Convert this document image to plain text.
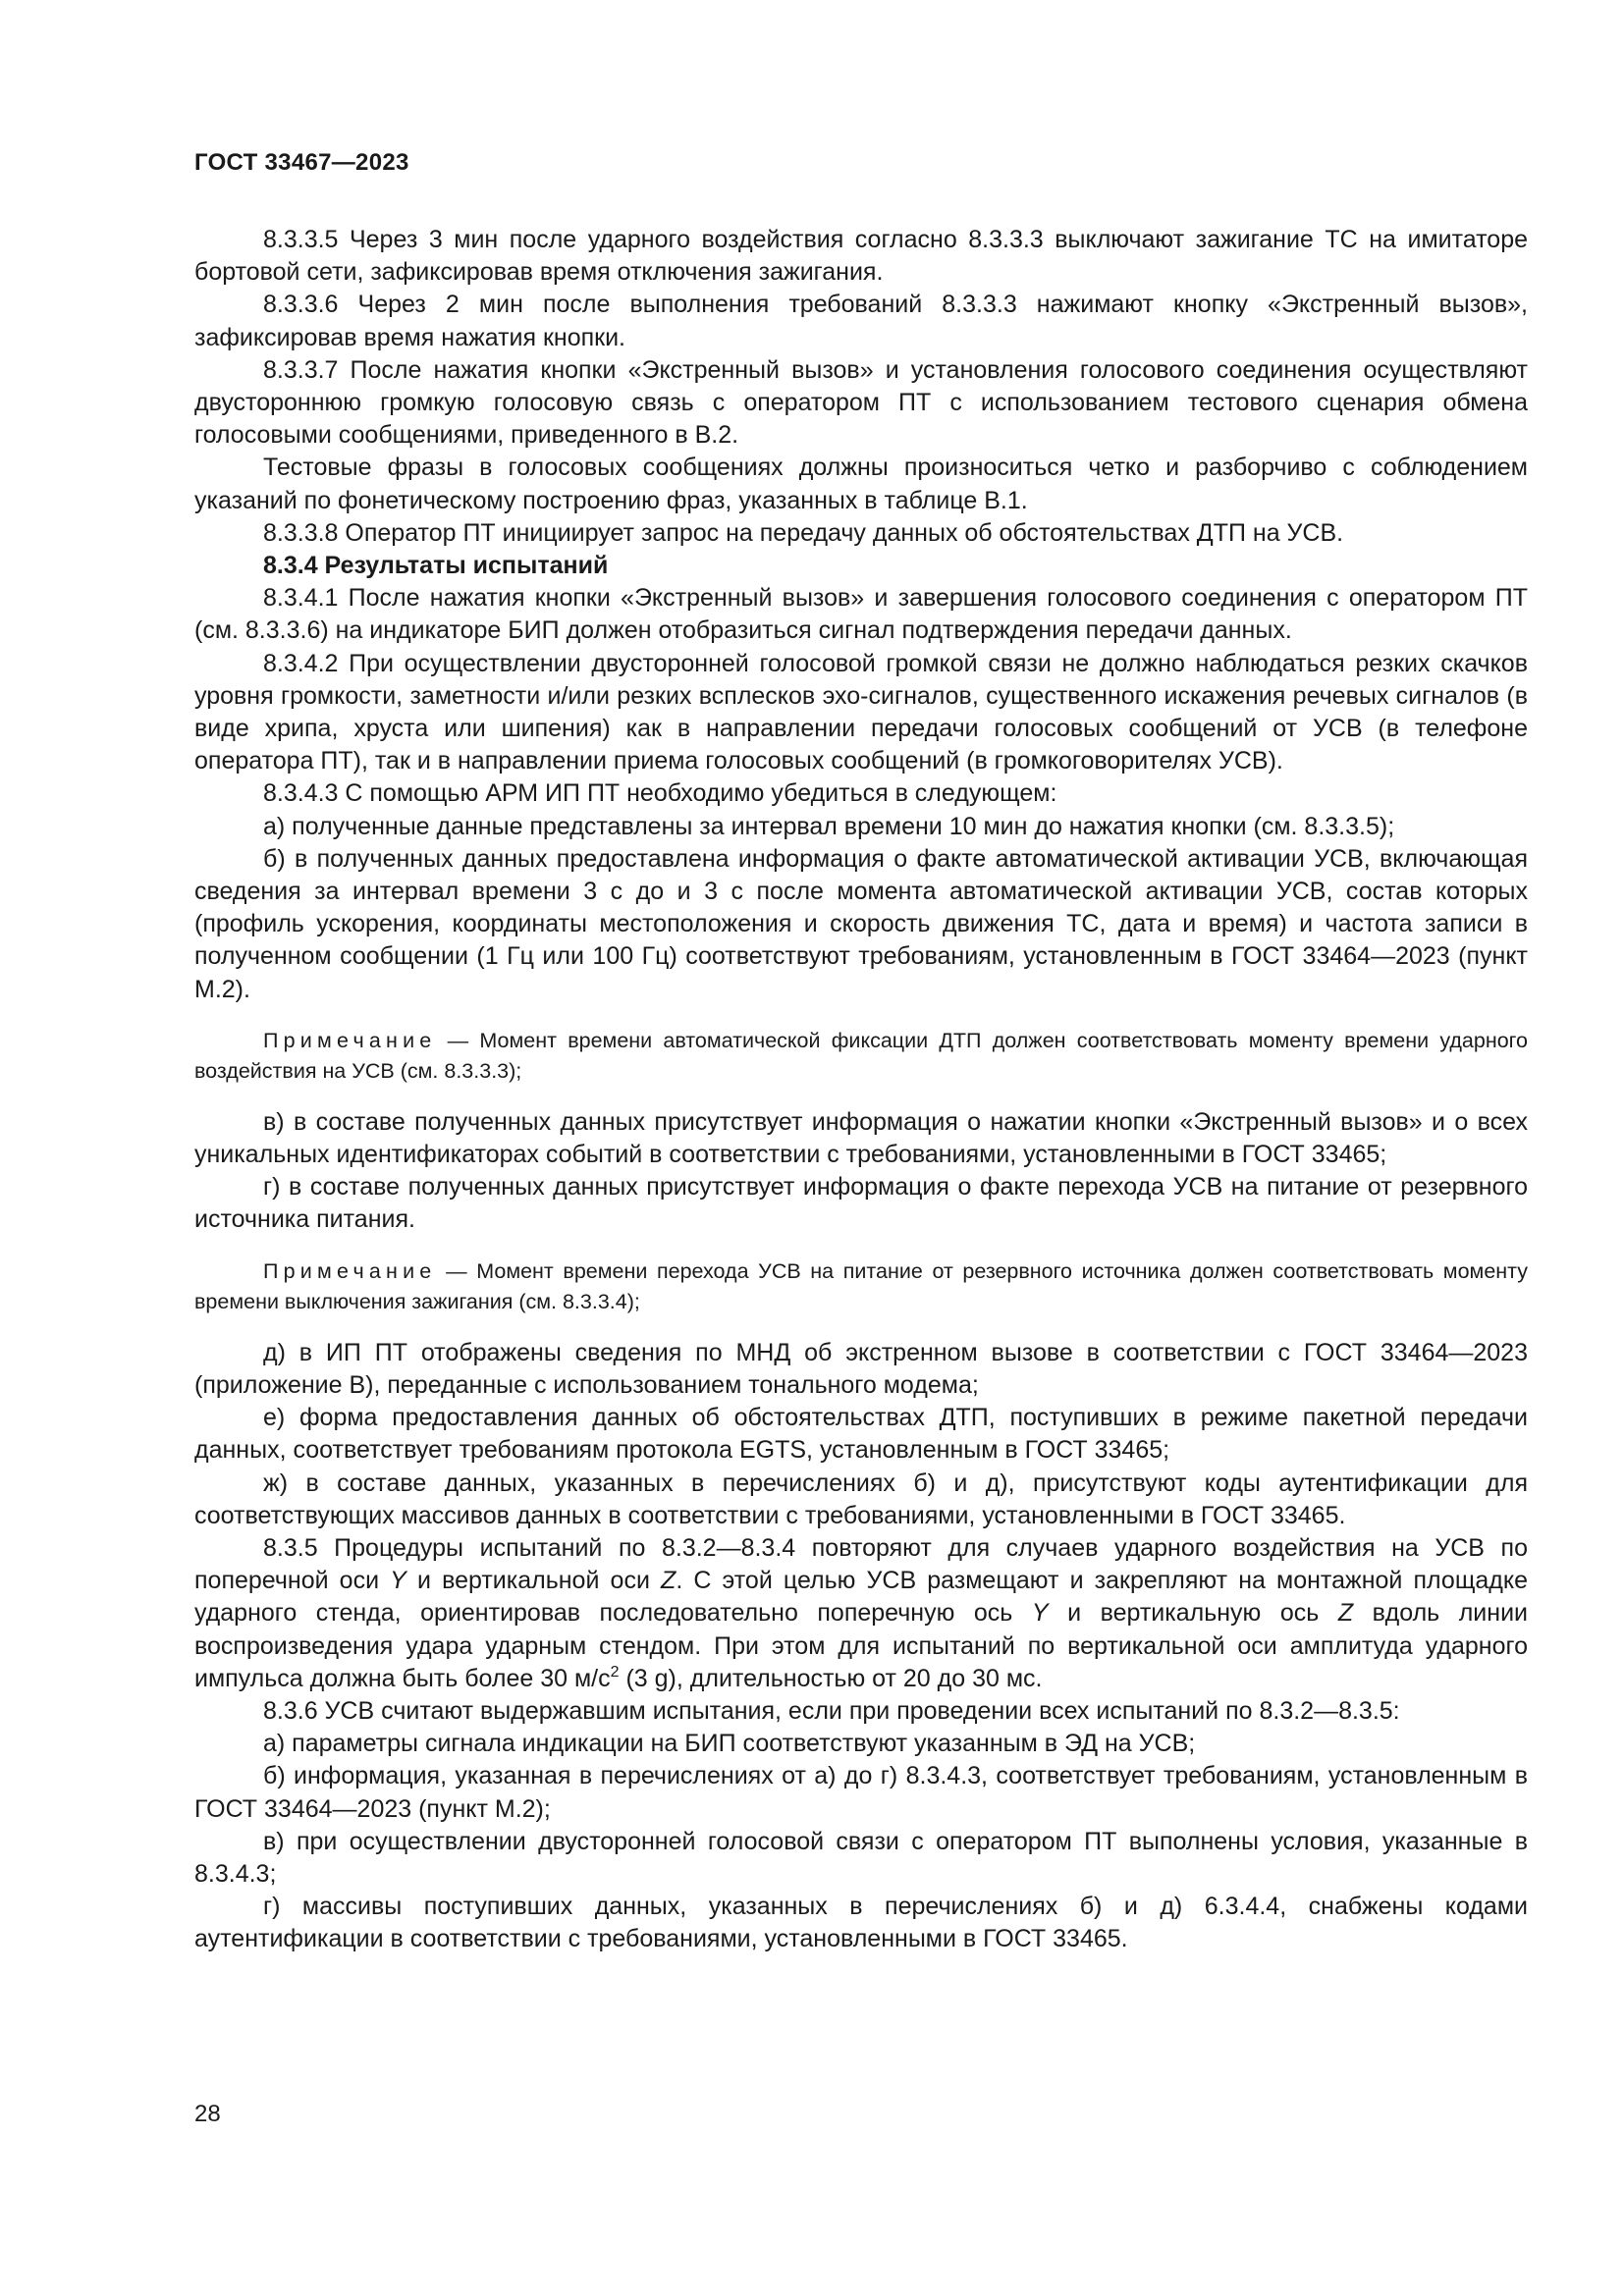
ГОСТ 33467—2023

8.3.3.5 Через 3 мин после ударного воздействия согласно 8.3.3.3 выключают зажигание ТС на имитаторе бортовой сети, зафиксировав время отключения зажигания.

8.3.3.6 Через 2 мин после выполнения требований 8.3.3.3 нажимают кнопку «Экстренный вызов», зафиксировав время нажатия кнопки.

8.3.3.7 После нажатия кнопки «Экстренный вызов» и установления голосового соединения осуществляют двустороннюю громкую голосовую связь с оператором ПТ с использованием тестового сценария обмена голосовыми сообщениями, приведенного в В.2.

Тестовые фразы в голосовых сообщениях должны произноситься четко и разборчиво с соблюдением указаний по фонетическому построению фраз, указанных в таблице В.1.

8.3.3.8 Оператор ПТ инициирует запрос на передачу данных об обстоятельствах ДТП на УСВ.

8.3.4 Результаты испытаний

8.3.4.1 После нажатия кнопки «Экстренный вызов» и завершения голосового соединения с оператором ПТ (см. 8.3.3.6) на индикаторе БИП должен отобразиться сигнал подтверждения передачи данных.

8.3.4.2 При осуществлении двусторонней голосовой громкой связи не должно наблюдаться резких скачков уровня громкости, заметности и/или резких всплесков эхо-сигналов, существенного искажения речевых сигналов (в виде хрипа, хруста или шипения) как в направлении передачи голосовых сообщений от УСВ (в телефоне оператора ПТ), так и в направлении приема голосовых сообщений (в громкоговорителях УСВ).

8.3.4.3 С помощью АРМ ИП ПТ необходимо убедиться в следующем:

а) полученные данные представлены за интервал времени 10 мин до нажатия кнопки (см. 8.3.3.5);

б) в полученных данных предоставлена информация о факте автоматической активации УСВ, включающая сведения за интервал времени 3 с до и 3 с после момента автоматической активации УСВ, состав которых (профиль ускорения, координаты местоположения и скорость движения ТС, дата и время) и частота записи в полученном сообщении (1 Гц или 100 Гц) соответствуют требованиям, установленным в ГОСТ 33464—2023 (пункт М.2).

Примечание — Момент времени автоматической фиксации ДТП должен соответствовать моменту времени ударного воздействия на УСВ (см. 8.3.3.3);

в) в составе полученных данных присутствует информация о нажатии кнопки «Экстренный вызов» и о всех уникальных идентификаторах событий в соответствии с требованиями, установленными в ГОСТ 33465;

г) в составе полученных данных присутствует информация о факте перехода УСВ на питание от резервного источника питания.

Примечание — Момент времени перехода УСВ на питание от резервного источника должен соответствовать моменту времени выключения зажигания (см. 8.3.3.4);

д) в ИП ПТ отображены сведения по МНД об экстренном вызове в соответствии с ГОСТ 33464—2023 (приложение В), переданные с использованием тонального модема;

е) форма предоставления данных об обстоятельствах ДТП, поступивших в режиме пакетной передачи данных, соответствует требованиям протокола EGTS, установленным в ГОСТ 33465;

ж) в составе данных, указанных в перечислениях б) и д), присутствуют коды аутентификации для соответствующих массивов данных в соответствии с требованиями, установленными в ГОСТ 33465.

8.3.5 Процедуры испытаний по 8.3.2—8.3.4 повторяют для случаев ударного воздействия на УСВ по поперечной оси Y и вертикальной оси Z. С этой целью УСВ размещают и закрепляют на монтажной площадке ударного стенда, ориентировав последовательно поперечную ось Y и вертикальную ось Z вдоль линии воспроизведения удара ударным стендом. При этом для испытаний по вертикальной оси амплитуда ударного импульса должна быть более 30 $м/с^2$ (3 g), длительностью от 20 до 30 мс.

8.3.6 УСВ считают выдержавшим испытания, если при проведении всех испытаний по 8.3.2—8.3.5:

а) параметры сигнала индикации на БИП соответствуют указанным в ЭД на УСВ;

б) информация, указанная в перечислениях от а) до г) 8.3.4.3, соответствует требованиям, установленным в ГОСТ 33464—2023 (пункт М.2);

в) при осуществлении двусторонней голосовой связи с оператором ПТ выполнены условия, указанные в 8.3.4.3;

г) массивы поступивших данных, указанных в перечислениях б) и д) 6.3.4.4, снабжены кодами аутентификации в соответствии с требованиями, установленными в ГОСТ 33465.

28
